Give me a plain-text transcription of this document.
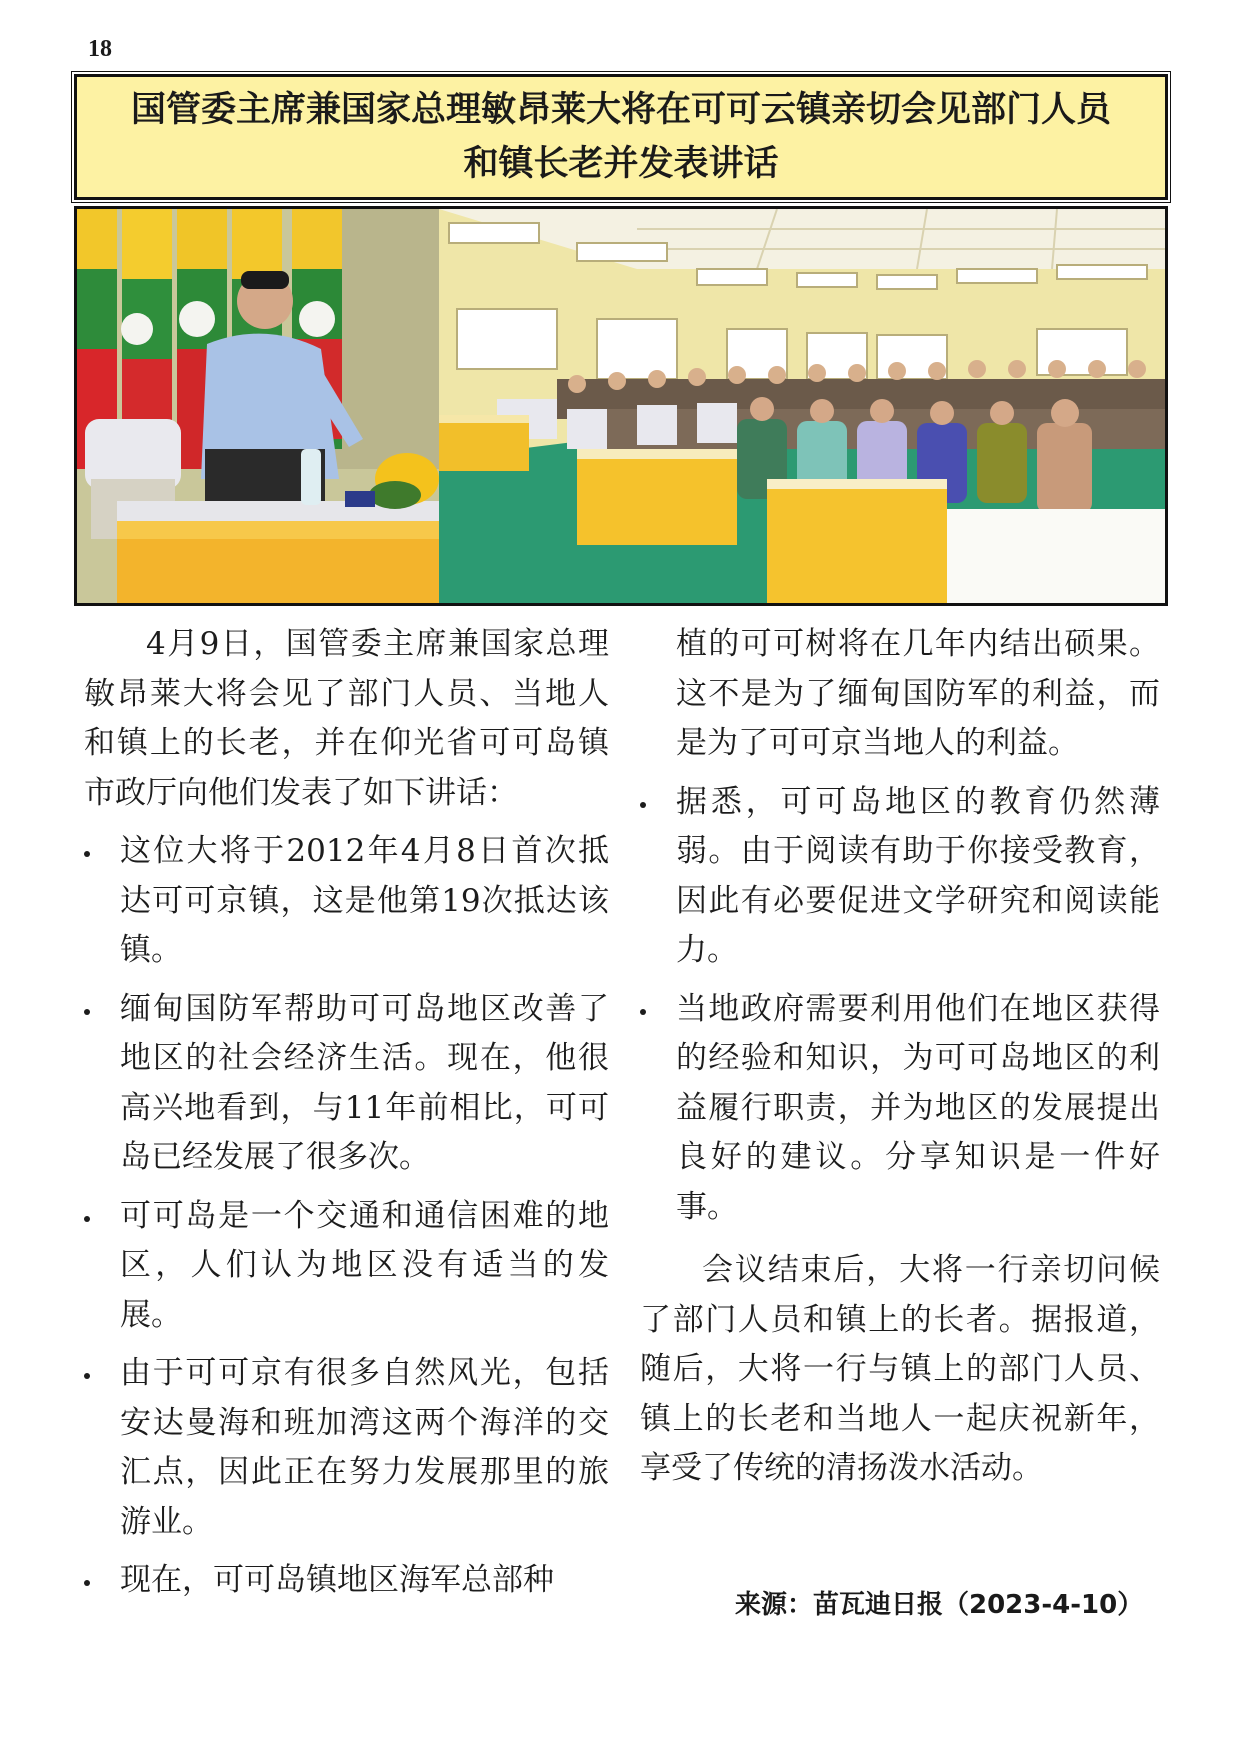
18
国管委主席兼国家总理敏昂莱大将在可可云镇亲切会见部门人员
和镇长老并发表讲话

4月9日，国管委主席兼国家总理敏昂莱大将会见了部门人员、当地人和镇上的长老，并在仰光省可可岛镇市政厅向他们发表了如下讲话：

这位大将于2012年4月8日首次抵达可可京镇，这是他第19次抵达该镇。
缅甸国防军帮助可可岛地区改善了地区的社会经济生活。现在，他很高兴地看到，与11年前相比，可可岛已经发展了很多次。
可可岛是一个交通和通信困难的地区，人们认为地区没有适当的发展。
由于可可京有很多自然风光，包括安达曼海和班加湾这两个海洋的交汇点，因此正在努力发展那里的旅游业。
现在，可可岛镇地区海军总部种
植的可可树将在几年内结出硕果。这不是为了缅甸国防军的利益，而是为了可可京当地人的利益。
据悉，可可岛地区的教育仍然薄弱。由于阅读有助于你接受教育，因此有必要促进文学研究和阅读能力。
当地政府需要利用他们在地区获得的经验和知识，为可可岛地区的利益履行职责，并为地区的发展提出良好的建议。分享知识是一件好事。

会议结束后，大将一行亲切问候了部门人员和镇上的长者。据报道，随后，大将一行与镇上的部门人员、镇上的长老和当地人一起庆祝新年，享受了传统的清扬泼水活动。

来源：苗瓦迪日报（2023-4-10）
